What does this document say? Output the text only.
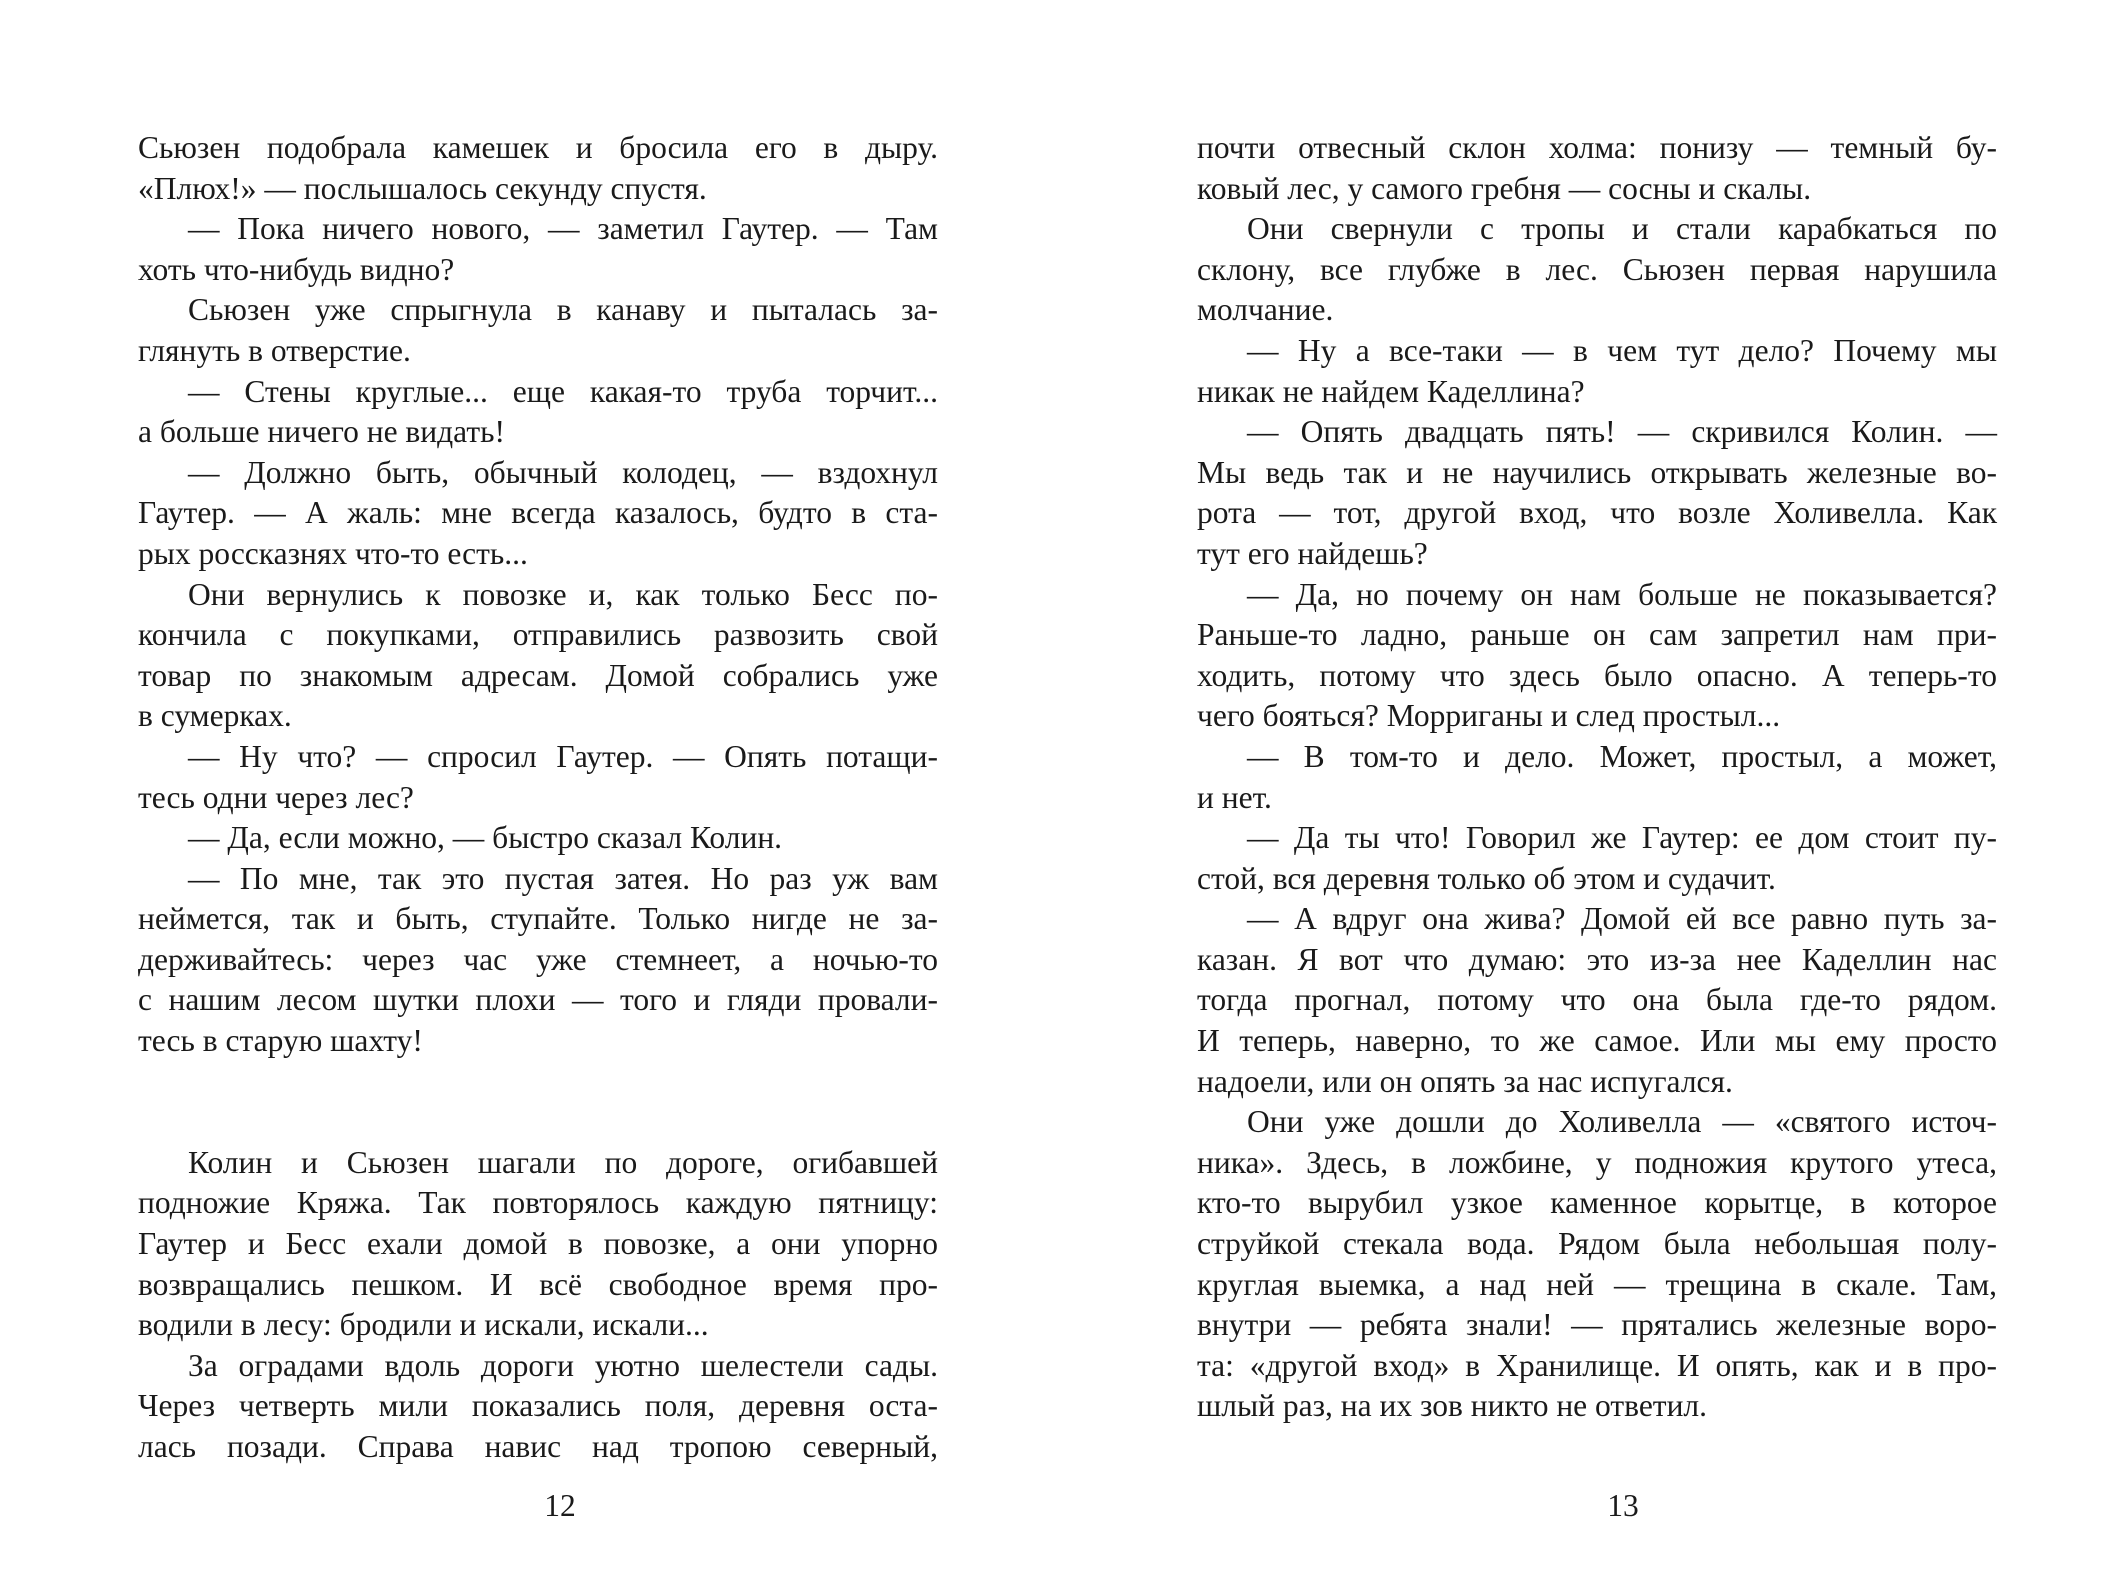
Сьюзен подобрала камешек и бросила его в дыру.
«Плюх!» — послышалось секунду спустя.
— Пока ничего нового, — заметил Гаутер. — Там
хоть что-нибудь видно?
Сьюзен уже спрыгнула в канаву и пыталась за-
глянуть в отверстие.
— Стены круглые... еще какая-то труба торчит...
а больше ничего не видать!
— Должно быть, обычный колодец, — вздохнул
Гаутер. — А жаль: мне всегда казалось, будто в ста-
рых россказнях что-то есть...
Они вернулись к повозке и, как только Бесс по-
кончила с покупками, отправились развозить свой
товар по знакомым адресам. Домой собрались уже
в сумерках.
— Ну что? — спросил Гаутер. — Опять потащи-
тесь одни через лес?
— Да, если можно, — быстро сказал Колин.
— По мне, так это пустая затея. Но раз уж вам
неймется, так и быть, ступайте. Только нигде не за-
держивайтесь: через час уже стемнеет, а ночью-то
с нашим лесом шутки плохи — того и гляди провали-
тесь в старую шахту!
Колин и Сьюзен шагали по дороге, огибавшей
подножие Кряжа. Так повторялось каждую пятницу:
Гаутер и Бесс ехали домой в повозке, а они упорно
возвращались пешком. И всё свободное время про-
водили в лесу: бродили и искали, искали...
За оградами вдоль дороги уютно шелестели сады.
Через четверть мили показались поля, деревня оста-
лась позади. Справа навис над тропою северный,
почти отвесный склон холма: понизу — темный бу-
ковый лес, у самого гребня — сосны и скалы.
Они свернули с тропы и стали карабкаться по
склону, все глубже в лес. Сьюзен первая нарушила
молчание.
— Ну а все-таки — в чем тут дело? Почему мы
никак не найдем Каделлина?
— Опять двадцать пять! — скривился Колин. —
Мы ведь так и не научились открывать железные во-
рота — тот, другой вход, что возле Холивелла. Как
тут его найдешь?
— Да, но почему он нам больше не показывается?
Раньше-то ладно, раньше он сам запретил нам при-
ходить, потому что здесь было опасно. А теперь-то
чего бояться? Морриганы и след простыл...
— В том-то и дело. Может, простыл, а может,
и нет.
— Да ты что! Говорил же Гаутер: ее дом стоит пу-
стой, вся деревня только об этом и судачит.
— А вдруг она жива? Домой ей все равно путь за-
казан. Я вот что думаю: это из-за нее Каделлин нас
тогда прогнал, потому что она была где-то рядом.
И теперь, наверно, то же самое. Или мы ему просто
надоели, или он опять за нас испугался.
Они уже дошли до Холивелла — «святого источ-
ника». Здесь, в ложбине, у подножия крутого утеса,
кто-то вырубил узкое каменное корытце, в которое
струйкой стекала вода. Рядом была небольшая полу-
круглая выемка, а над ней — трещина в скале. Там,
внутри — ребята знали! — прятались железные воро-
та: «другой вход» в Хранилище. И опять, как и в про-
шлый раз, на их зов никто не ответил.
12	13
